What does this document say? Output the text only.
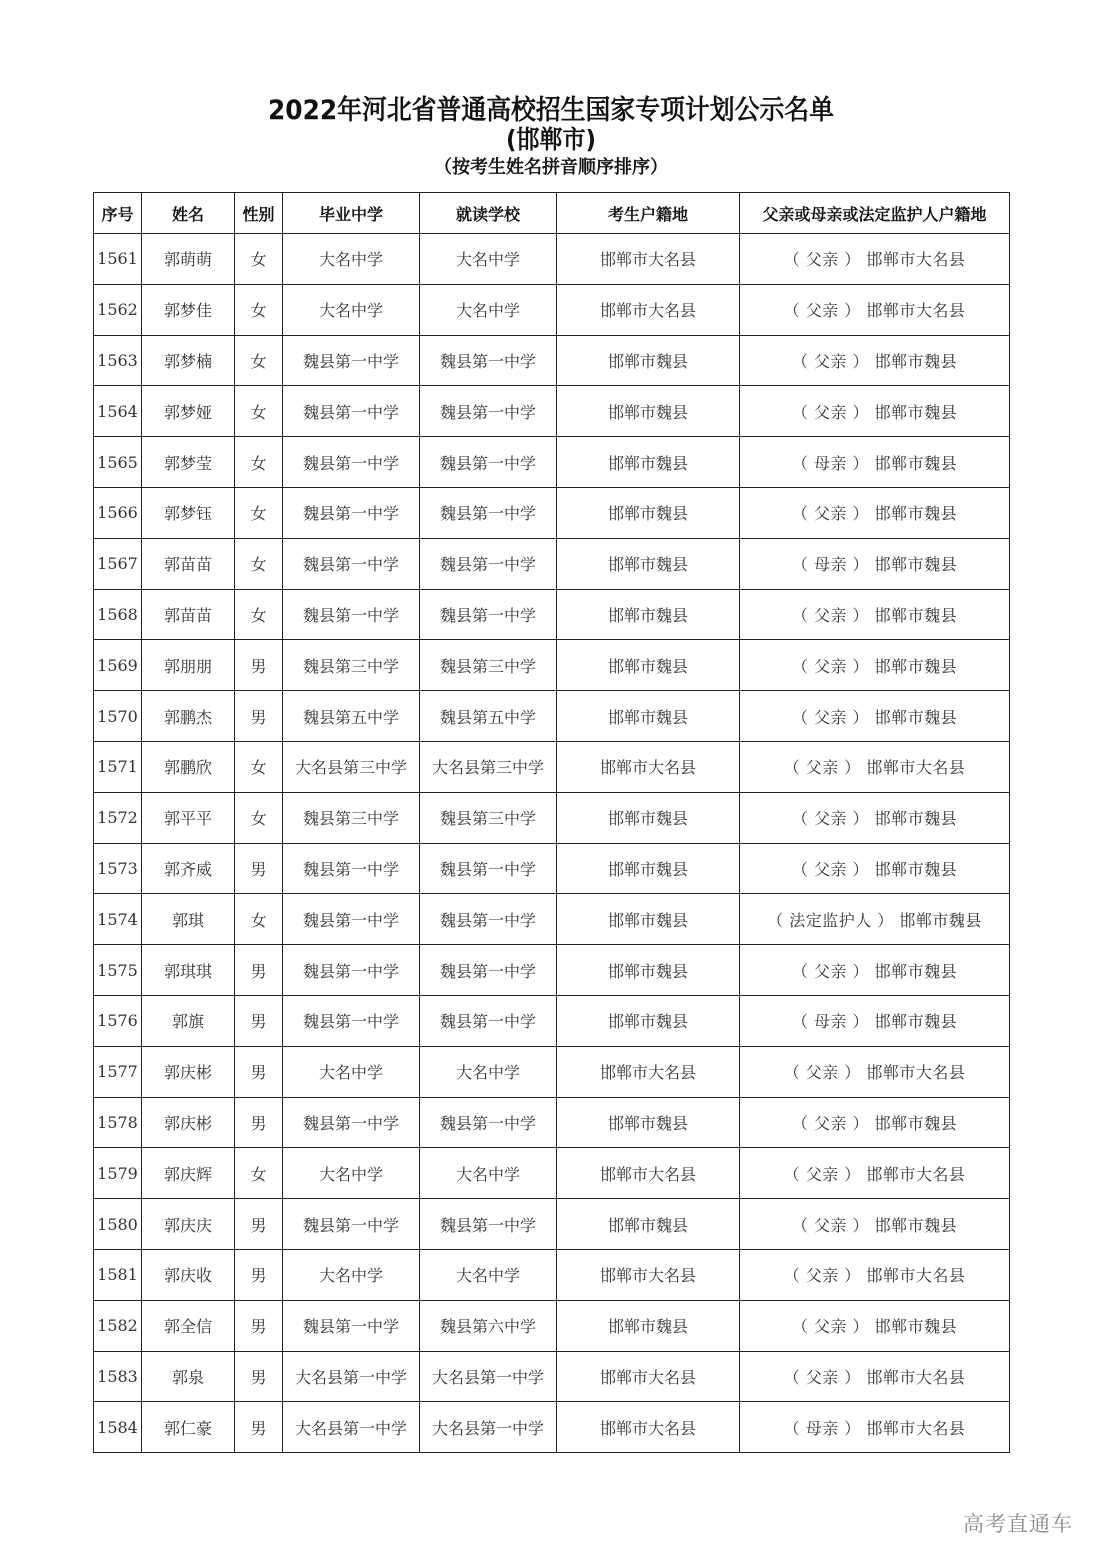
2022年河北省普通高校招生国家专项计划公示名单
(邯郸市)
（按考生姓名拼音顺序排序）
序号	姓名	性别	毕业中学	就读学校	考生户籍地	父亲或母亲或法定监护人户籍地
1561	郭萌萌	女	大名中学	大名中学	邯郸市大名县	（ 父亲 ） 邯郸市大名县
1562	郭梦佳	女	大名中学	大名中学	邯郸市大名县	（ 父亲 ） 邯郸市大名县
1563	郭梦楠	女	魏县第一中学	魏县第一中学	邯郸市魏县	（ 父亲 ） 邯郸市魏县
1564	郭梦娅	女	魏县第一中学	魏县第一中学	邯郸市魏县	（ 父亲 ） 邯郸市魏县
1565	郭梦莹	女	魏县第一中学	魏县第一中学	邯郸市魏县	（ 母亲 ） 邯郸市魏县
1566	郭梦钰	女	魏县第一中学	魏县第一中学	邯郸市魏县	（ 父亲 ） 邯郸市魏县
1567	郭苗苗	女	魏县第一中学	魏县第一中学	邯郸市魏县	（ 母亲 ） 邯郸市魏县
1568	郭苗苗	女	魏县第一中学	魏县第一中学	邯郸市魏县	（ 父亲 ） 邯郸市魏县
1569	郭朋朋	男	魏县第三中学	魏县第三中学	邯郸市魏县	（ 父亲 ） 邯郸市魏县
1570	郭鹏杰	男	魏县第五中学	魏县第五中学	邯郸市魏县	（ 父亲 ） 邯郸市魏县
1571	郭鹏欣	女	大名县第三中学	大名县第三中学	邯郸市大名县	（ 父亲 ） 邯郸市大名县
1572	郭平平	女	魏县第三中学	魏县第三中学	邯郸市魏县	（ 父亲 ） 邯郸市魏县
1573	郭齐威	男	魏县第一中学	魏县第一中学	邯郸市魏县	（ 父亲 ） 邯郸市魏县
1574	郭琪	女	魏县第一中学	魏县第一中学	邯郸市魏县	（ 法定监护人 ） 邯郸市魏县
1575	郭琪琪	男	魏县第一中学	魏县第一中学	邯郸市魏县	（ 父亲 ） 邯郸市魏县
1576	郭旗	男	魏县第一中学	魏县第一中学	邯郸市魏县	（ 母亲 ） 邯郸市魏县
1577	郭庆彬	男	大名中学	大名中学	邯郸市大名县	（ 父亲 ） 邯郸市大名县
1578	郭庆彬	男	魏县第一中学	魏县第一中学	邯郸市魏县	（ 父亲 ） 邯郸市魏县
1579	郭庆辉	女	大名中学	大名中学	邯郸市大名县	（ 父亲 ） 邯郸市大名县
1580	郭庆庆	男	魏县第一中学	魏县第一中学	邯郸市魏县	（ 父亲 ） 邯郸市魏县
1581	郭庆收	男	大名中学	大名中学	邯郸市大名县	（ 父亲 ） 邯郸市大名县
1582	郭全信	男	魏县第一中学	魏县第六中学	邯郸市魏县	（ 父亲 ） 邯郸市魏县
1583	郭泉	男	大名县第一中学	大名县第一中学	邯郸市大名县	（ 父亲 ） 邯郸市大名县
1584	郭仁豪	男	大名县第一中学	大名县第一中学	邯郸市大名县	（ 母亲 ） 邯郸市大名县
高考直通车
